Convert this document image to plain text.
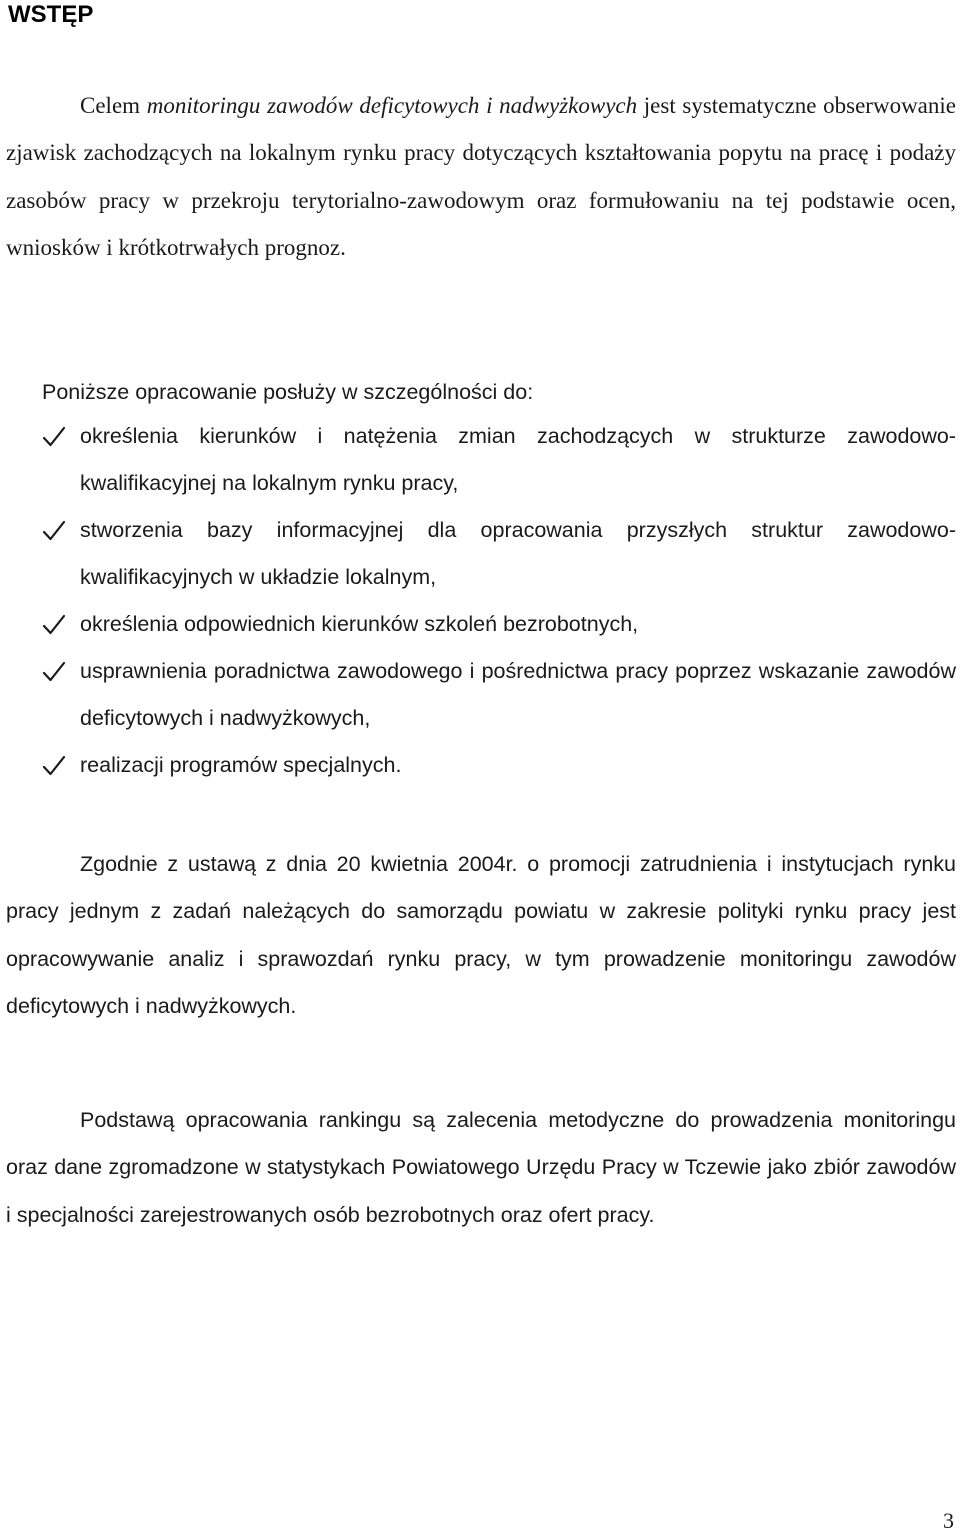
WSTĘP

Celem monitoringu zawodów deficytowych i nadwyżkowych jest systematyczne obserwowanie zjawisk zachodzących na lokalnym rynku pracy dotyczących kształtowania popytu na pracę i podaży zasobów pracy w przekroju terytorialno-zawodowym oraz formułowaniu na tej podstawie ocen, wniosków i krótkotrwałych prognoz.

Poniższe opracowanie posłuży w szczególności do:

określenia kierunków i natężenia zmian zachodzących w strukturze zawodowo-kwalifikacyjnej na lokalnym rynku pracy,
stworzenia bazy informacyjnej dla opracowania przyszłych struktur zawodowo-kwalifikacyjnych w układzie lokalnym,
określenia odpowiednich kierunków szkoleń bezrobotnych,
usprawnienia poradnictwa zawodowego i pośrednictwa pracy poprzez wskazanie zawodów deficytowych i nadwyżkowych,
realizacji programów specjalnych.

Zgodnie z ustawą z dnia 20 kwietnia 2004r. o promocji zatrudnienia i instytucjach rynku pracy jednym z zadań należących do samorządu powiatu w zakresie polityki rynku pracy jest opracowywanie analiz i sprawozdań rynku pracy, w tym prowadzenie monitoringu zawodów deficytowych i nadwyżkowych.

Podstawą opracowania rankingu są zalecenia metodyczne do prowadzenia monitoringu oraz dane zgromadzone w statystykach Powiatowego Urzędu Pracy w Tczewie jako zbiór zawodów i specjalności zarejestrowanych osób bezrobotnych oraz ofert pracy.

3
